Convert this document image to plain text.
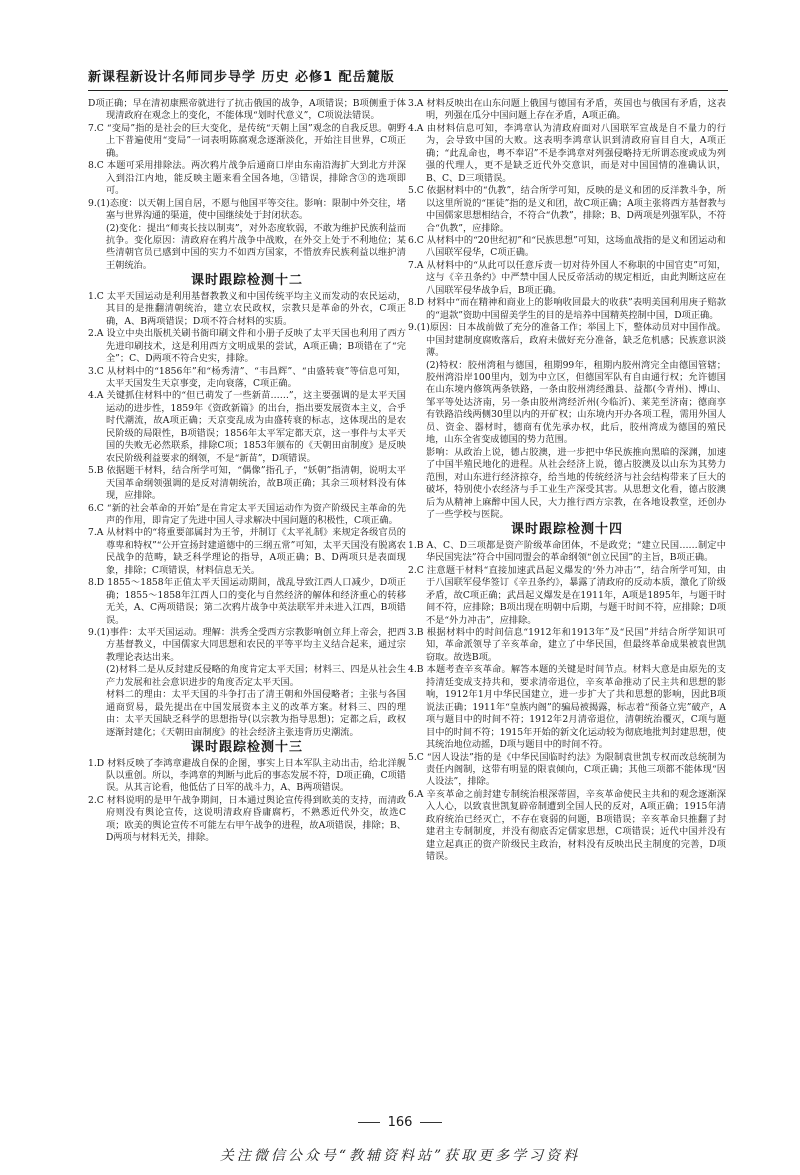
新课程新设计名师同步导学 历史 必修1 配岳麓版
D项正确；早在清初康熙帝就进行了抗击俄国的战争，A项错误；B项侧重于体现清政府在观念上的变化，不能体现“划时代意义”，C项说法错误。
7.C “变局”指的是社会的巨大变化，是传统“天朝上国”观念的自我反思。朝野上下普遍使用“变局”一词表明陈腐观念逐渐淡化，开始注目世界，C项正确。
8.C 本题可采用排除法。两次鸦片战争后通商口岸由东南沿海扩大到北方并深入到沿江内地，能反映主题来看全国各地，③错误，排除含③的选项即可。
9.(1)态度：以天朝上国自居，不愿与他国平等交往。影响：限制中外交往，堵塞与世界沟通的渠道，使中国继续处于封闭状态。
(2)变化：提出“师夷长技以制夷”，对外态度软弱，不敢为维护民族利益而抗争。变化原因：清政府在鸦片战争中战败，在外交上处于不利地位；某些清朝官员已感到中国的实力不如西方国家，不惜放弃民族利益以维护清王朝统治。
课时跟踪检测十二
1.C 太平天国运动是利用基督教教义和中国传统平均主义而发动的农民运动，其目的是推翻清朝统治，建立农民政权，宗教只是革命的外衣，C项正确，A、B两项错误；D项不符合材料的实质。
2.A 设立中央出版机关刷书衙印刷文件和小册子反映了太平天国也利用了西方先进印刷技术，这是利用西方文明成果的尝试，A项正确；B项错在了“完全”；C、D两项不符合史实，排除。
3.C 从材料中的“1856年”和“杨秀清”、“韦昌辉”、“由盛转衰”等信息可知，太平天国发生天京事变，走向衰落，C项正确。
4.A 关键抓住材料中的“但已萌发了一些新苗……”，这主要强调的是太平天国运动的进步性，1859年《资政新篇》的出台，指出要发展资本主义，合乎时代潮流，故A项正确；天京变乱成为由盛转衰的标志，这体现出的是农民阶级的局限性，B项错误；1856年太平军定都天京，这一事件与太平天国的失败无必然联系，排除C项；1853年颁布的《天朝田亩制度》是反映农民阶级利益要求的纲领，不是“新苗”，D项错误。
5.B 依据题干材料，结合所学可知，“偶像”指孔子，“妖朝”指清朝，说明太平天国革命纲领强调的是反对清朝统治，故B项正确；其余三项材料没有体现，应排除。
6.C “新的社会革命的开始”是在肯定太平天国运动作为资产阶级民主革命的先声的作用，即肯定了先进中国人寻求解决中国问题的积极性，C项正确。
7.A 从材料中的“将重要部属封为王爷，并制订《太平礼制》来规定各级官员的尊卑和特权”“公开宣扬封建道德中的三纲五常”可知，太平天国没有脱离农民战争的范畴，缺乏科学理论的指导，A项正确；B、D两项只是表面现象，排除；C项错误，材料信息无关。
8.D 1855～1858年正值太平天国运动期间，战乱导致江西人口减少，D项正确；1855～1858年江西人口的变化与自然经济的解体和经济重心的转移无关，A、C两项错误；第二次鸦片战争中英法联军并未进入江西，B项错误。
9.(1)事件：太平天国运动。理解：洪秀全受西方宗教影响创立拜上帝会，把西方基督教义，中国儒家大同思想和农民的平等平均主义结合起来，通过宗教理论表达出来。
(2)材料二是从反封建反侵略的角度肯定太平天国；材料三、四是从社会生产力发展和社会意识进步的角度否定太平天国。
材料二的理由：太平天国的斗争打击了清王朝和外国侵略者；主张与各国通商贸易，最先提出在中国发展资本主义的改革方案。材料三、四的理由：太平天国缺乏科学的思想指导(以宗教为指导思想)；定都之后，政权逐渐封建化；《天朝田亩制度》的社会经济主张违背历史潮流。
课时跟踪检测十三
1.D 材料反映了李鸿章避战自保的企图，事实上日本军队主动出击，给北洋舰队以重创。所以，李鸿章的判断与此后的事态发展不符，D项正确，C项错误。从其言论看，他低估了日军的战斗力，A、B两项错误。
2.C 材料说明的是甲午战争期间，日本通过舆论宣传得到欧美的支持，而清政府则没有舆论宣传，这说明清政府昏庸腐朽，不熟悉近代外交，故选C项；欧美的舆论宣传不可能左右甲午战争的进程，故A项错误，排除；B、D两项与材料无关，排除。
3.A 材料反映出在山东问题上俄国与德国有矛盾，英国也与俄国有矛盾，这表明，列强在瓜分中国问题上存在矛盾，A项正确。
4.A 由材料信息可知，李鸿章认为清政府面对八国联军宣战是自不量力的行为，会导致中国的大败。这表明李鸿章认识到清政府盲目自大，A项正确；“此乱命也，粤不奉诏”不是李鸿章对列强侵略持无所谓态度或成为列强的代理人，更不是缺乏近代外交意识，而是对中国国情的准确认识，B、C、D三项错误。
5.C 依据材料中的“仇教”，结合所学可知，反映的是义和团的反洋教斗争，所以这里所说的“匪徒”指的是义和团，故C项正确；A项主张将西方基督教与中国儒家思想相结合，不符合“仇教”，排除；B、D两项是列强军队，不符合“仇教”，应排除。
6.C 从材料中的“20世纪初”和“民族思想”可知，这场血战指的是义和团运动和八国联军侵华，C项正确。
7.A 从材料中的“从此可以任意斥责一切对待外国人不称职的中国官吏”可知，这与《辛丑条约》中严禁中国人民反帝活动的规定相近，由此判断这应在八国联军侵华战争后，B项正确。
8.D 材料中“而在精神和商业上的影响收回最大的收获”表明美国利用庚子赔款的“退款”资助中国留美学生的目的是培养中国精英控制中国，D项正确。
9.(1)原因：日本战前做了充分的准备工作；举国上下，整体动员对中国作战。中国封建制度腐败落后，政府未做好充分准备，缺乏危机感；民族意识淡薄。
(2)特权：胶州湾租与德国，租期99年，租期内胶州湾完全由德国管辖；胶州湾沿岸100里内，划为中立区，但德国军队有自由通行权；允许德国在山东境内修筑两条铁路，一条由胶州湾经潍县、益都(今青州)、博山、邹平等处达济南，另一条由胶州湾经沂州(今临沂)、莱芜至济南；德商享有铁路沿线两侧30里以内的开矿权；山东境内开办各项工程，需用外国人员、资金、器材时，德商有优先承办权，此后，胶州湾成为德国的殖民地，山东全省变成德国的势力范围。
影响：从政治上说，德占胶澳，进一步把中华民族推向黑暗的深渊，加速了中国半殖民地化的进程。从社会经济上说，德占胶澳及以山东为其势力范围，对山东进行经济掠夺，给当地的传统经济与社会结构带来了巨大的破坏，特别使小农经济与手工业生产深受其害。从思想文化看，德占胶澳后为从精神上麻醉中国人民，大力推行西方宗教，在各地设教堂，还创办了一些学校与医院。
课时跟踪检测十四
1.B A、C、D三项都是资产阶级革命团体，不是政党；“建立民国……制定中华民国宪法”符合中国同盟会的革命纲领“创立民国”的主旨，B项正确。
2.C 注意题干材料“直接加速武昌起义爆发的‘外力冲击’”，结合所学可知，由于八国联军侵华签订《辛丑条约》，暴露了清政府的反动本质，激化了阶级矛盾，故C项正确；武昌起义爆发是在1911年，A项是1895年，与题干时间不符，应排除；B项出现在明朝中后期，与题干时间不符，应排除；D项不是“外力冲击”，应排除。
3.B 根据材料中的时间信息“1912年和1913年”及“民国”并结合所学知识可知，革命派领导了辛亥革命，建立了中华民国，但最终革命成果被袁世凯窃取。故选B项。
4.B 本题考查辛亥革命。解答本题的关键是时间节点。材料大意是由原先的支持清廷变成支持共和，要求清帝退位，辛亥革命推动了民主共和思想的影响，1912年1月中华民国建立，进一步扩大了共和思想的影响，因此B项说法正确；1911年“皇族内阁”的骗局被揭露，标志着“预备立宪”破产，A项与题目中的时间不符；1912年2月清帝退位，清朝统治覆灭，C项与题目中的时间不符；1915年开始的新文化运动较为彻底地批判封建思想，使其统治地位动摇，D项与题目中的时间不符。
5.C “因人设法”指的是《中华民国临时约法》为限制袁世凯专权而改总统制为责任内阁制，这带有明显的限袁倾向，C项正确；其他三项都不能体现“因人设法”，排除。
6.A 辛亥革命之前封建专制统治根深蒂固，辛亥革命使民主共和的观念逐渐深入人心，以致袁世凯复辟帝制遭到全国人民的反对，A项正确；1915年清政府统治已经灭亡，不存在衰弱的问题，B项错误；辛亥革命只推翻了封建君主专制制度，并没有彻底否定儒家思想，C项错误；近代中国并没有建立起真正的资产阶级民主政治，材料没有反映出民主制度的完善，D项错误。
166
关注微信公众号“教辅资料站”获取更多学习资料
